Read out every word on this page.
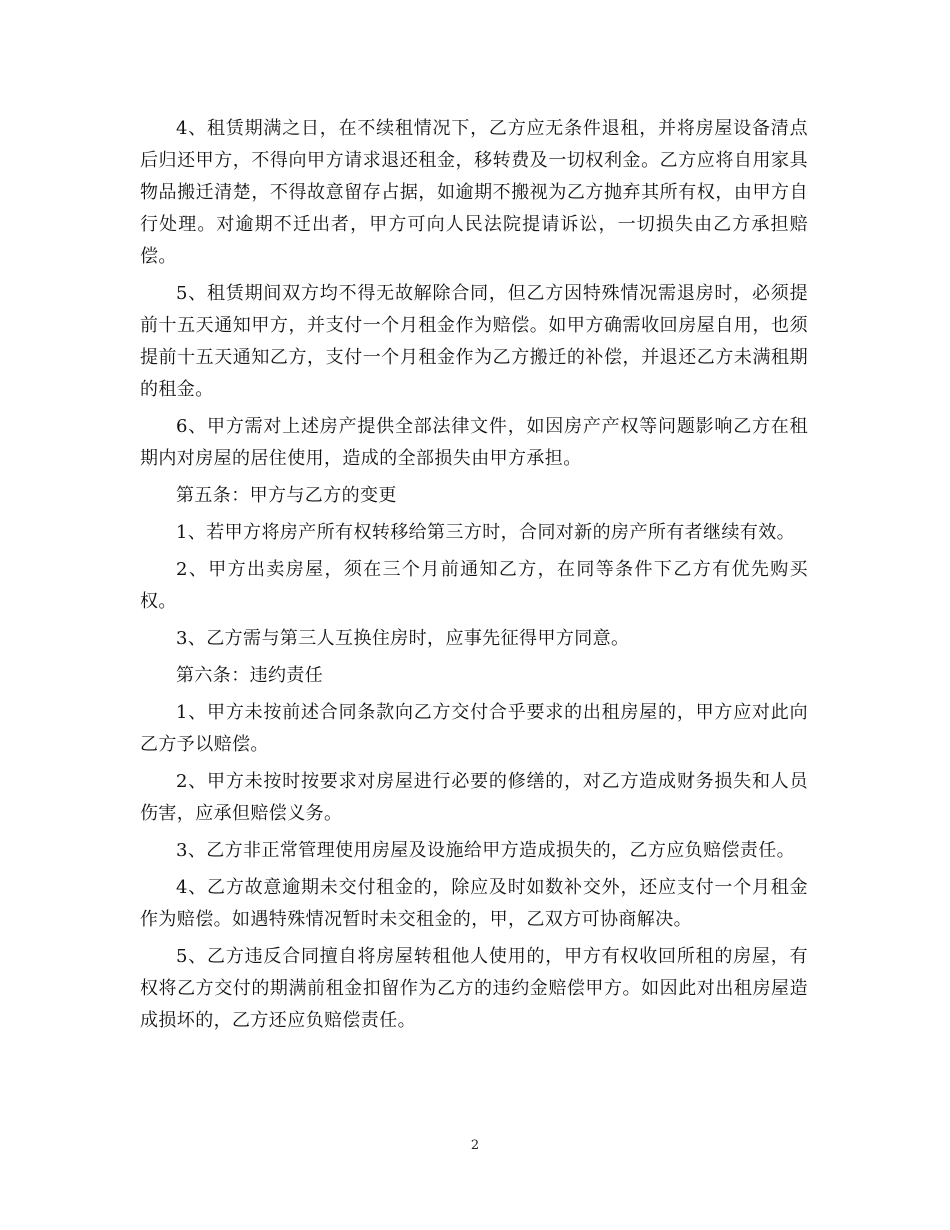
4、租赁期满之日，在不续租情况下，乙方应无条件退租，并将房屋设备清点后归还甲方，不得向甲方请求退还租金，移转费及一切权利金。乙方应将自用家具物品搬迁清楚，不得故意留存占据，如逾期不搬视为乙方抛弃其所有权，由甲方自行处理。对逾期不迁出者，甲方可向人民法院提请诉讼，一切损失由乙方承担赔偿。

5、租赁期间双方均不得无故解除合同，但乙方因特殊情况需退房时，必须提前十五天通知甲方，并支付一个月租金作为赔偿。如甲方确需收回房屋自用，也须提前十五天通知乙方，支付一个月租金作为乙方搬迁的补偿，并退还乙方未满租期的租金。

6、甲方需对上述房产提供全部法律文件，如因房产产权等问题影响乙方在租期内对房屋的居住使用，造成的全部损失由甲方承担。

第五条：甲方与乙方的变更

1、若甲方将房产所有权转移给第三方时，合同对新的房产所有者继续有效。

2、甲方出卖房屋，须在三个月前通知乙方，在同等条件下乙方有优先购买权。

3、乙方需与第三人互换住房时，应事先征得甲方同意。

第六条：违约责任

1、甲方未按前述合同条款向乙方交付合乎要求的出租房屋的，甲方应对此向乙方予以赔偿。

2、甲方未按时按要求对房屋进行必要的修缮的，对乙方造成财务损失和人员伤害，应承但赔偿义务。

3、乙方非正常管理使用房屋及设施给甲方造成损失的，乙方应负赔偿责任。

4、乙方故意逾期未交付租金的，除应及时如数补交外，还应支付一个月租金作为赔偿。如遇特殊情况暂时未交租金的，甲，乙双方可协商解决。

5、乙方违反合同擅自将房屋转租他人使用的，甲方有权收回所租的房屋，有权将乙方交付的期满前租金扣留作为乙方的违约金赔偿甲方。如因此对出租房屋造成损坏的，乙方还应负赔偿责任。

2
